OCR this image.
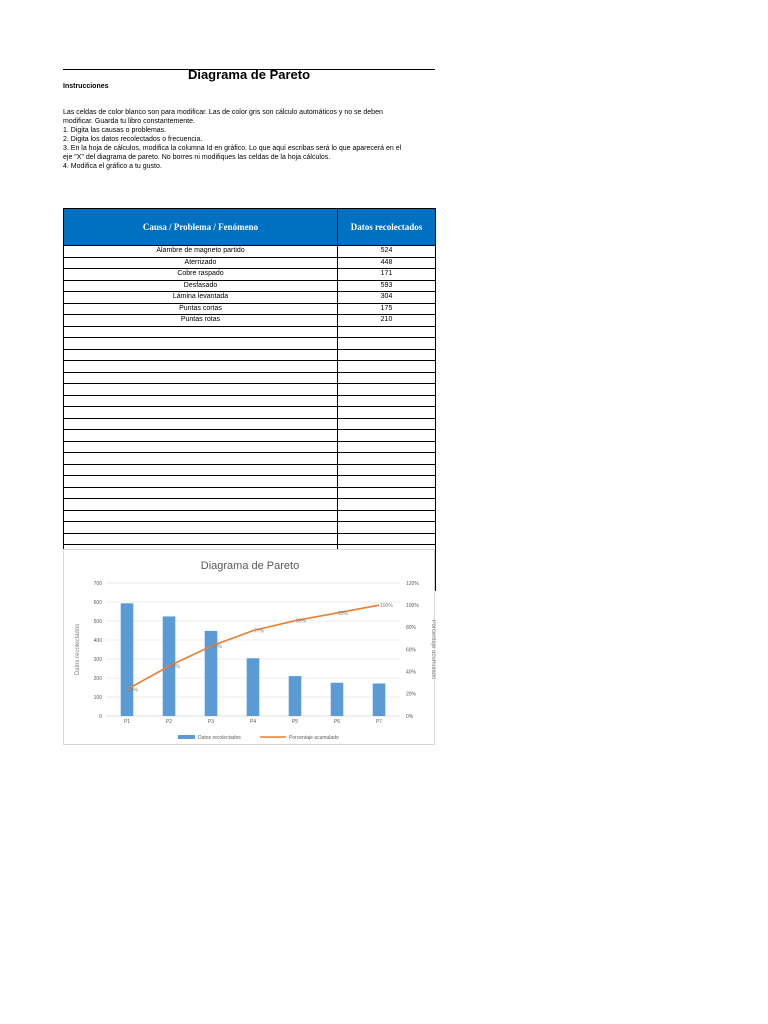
Diagrama de Pareto
Instrucciones
Las celdas de color blanco son para modificar. Las de color gris son cálculo automáticos y no se deben
modificar. Guarda tu libro constantemente.
1. Digita las causas o problemas.
2. Digita los datos recolectados o frecuencia.
3. En la hoja de cálculos, modifica la columna Id en gráfico. Lo que aquí escribas será lo que aparecerá en el
eje "X" del diagrama de pareto. No borres ni modifiques las celdas de la hoja cálculos.
4. Modifica el gráfico a tu gusto.
Causa / Problema / Fenómeno	Datos recolectados
Alambre de magneto partido	524
Aterrizado	448
Cobre raspado	171
Desfasado	593
Lámina levantada	304
Puntas cortas	175
Puntas rotas	210

Diagrama de Pareto
0
100
200
300
400
500
600
700
0%
20%
40%
60%
80%
100%
120%
Datos recolectados	Porcentaje acumulado
P1	P2	P3	P4	P5	P6	P7
24%
45%
63%
77%
86%
93%
100%
Datos recolectados	Porcentaje acumulado
